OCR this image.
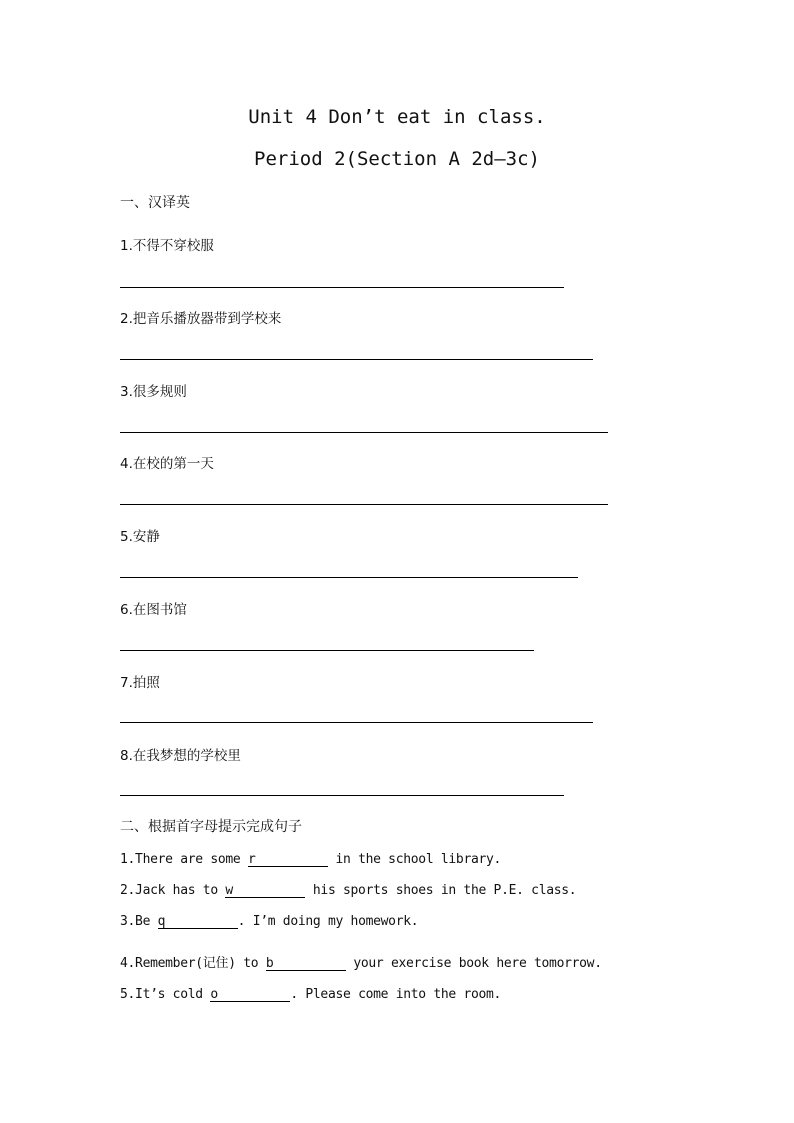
Unit 4 Don’t eat in class.
Period 2(Section A 2d—3c)
一、汉译英
1.不得不穿校服
2.把音乐播放器带到学校来
3.很多规则
4.在校的第一天
5.安静
6.在图书馆
7.拍照
8.在我梦想的学校里
二、根据首字母提示完成句子
1.There are some r	in the school library.
2.Jack has to w	his sports shoes in the P.E. class.
3.Be q	. I’m doing my homework.
4.Remember(记住) to b	your exercise book here tomorrow.
5.It’s cold o	. Please come into the room.
